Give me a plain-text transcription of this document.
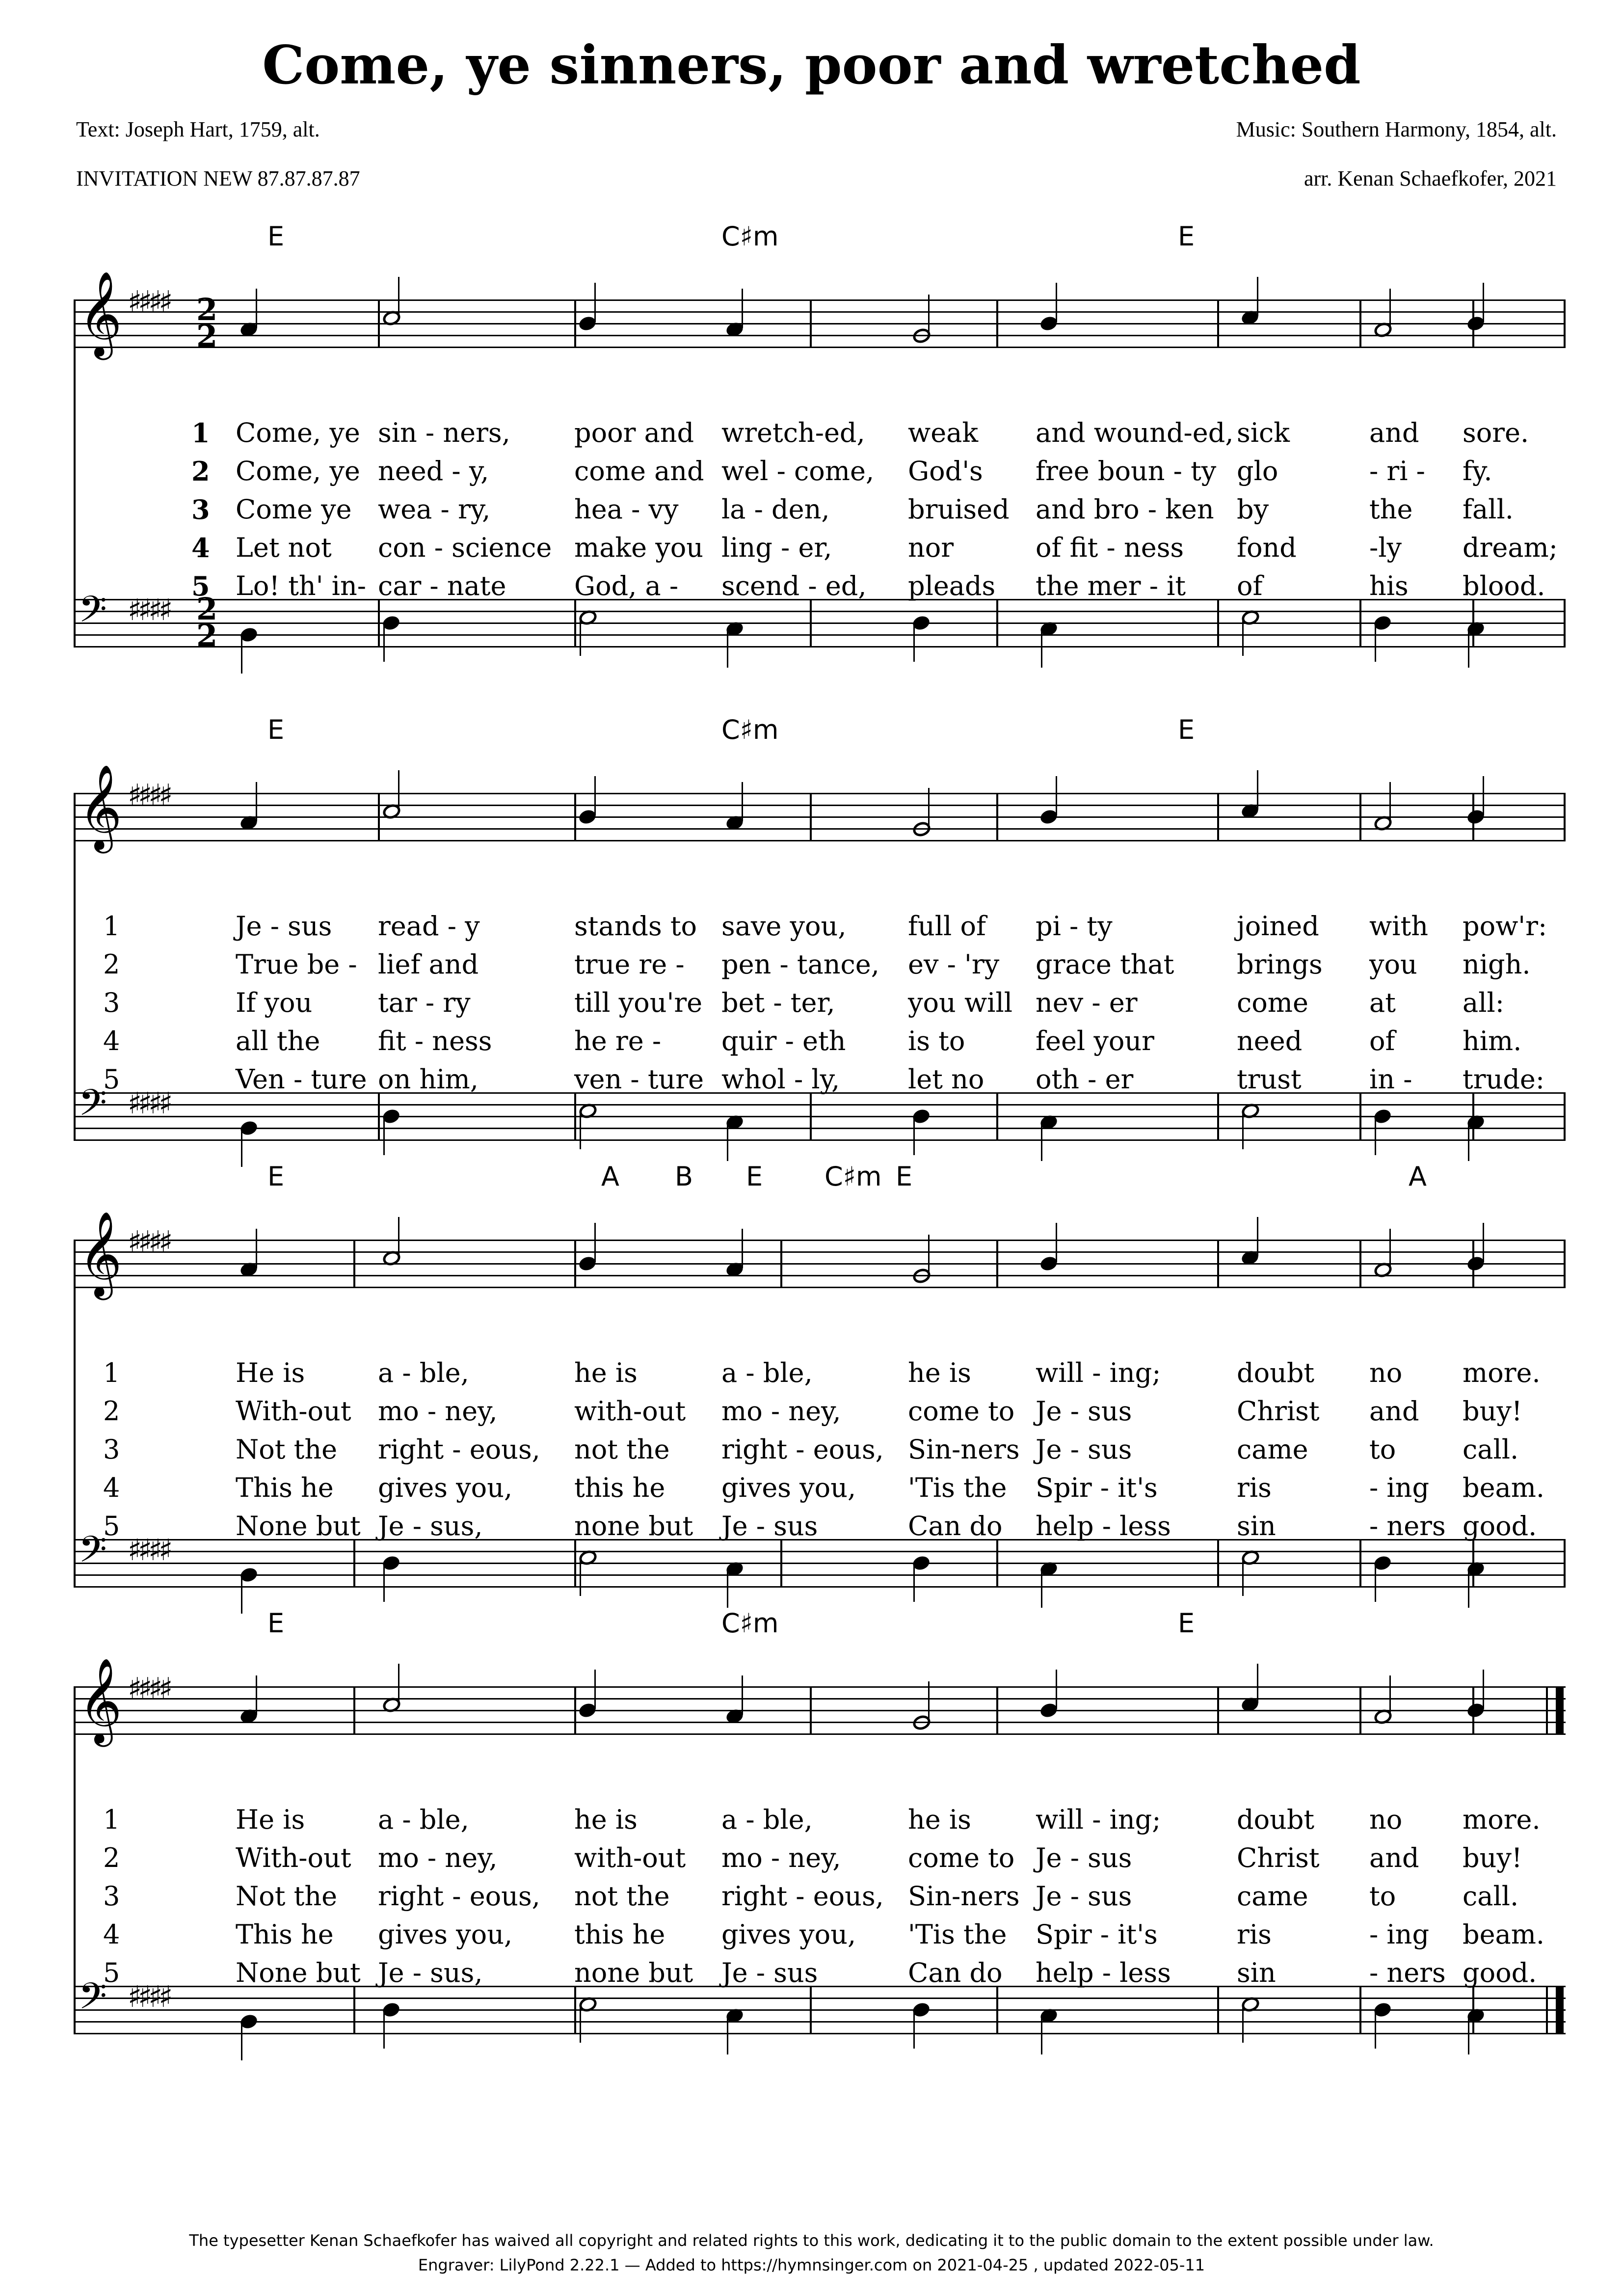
Come, ye sinners, poor and wretched
Text: Joseph Hart, 1759, alt.	Music: Southern Harmony, 1854, alt.
INVITATION NEW 87.87.87.87	arr. Kenan Schaefkofer, 2021
𝄞 ♯♯♯♯
𝄢 ♯♯♯♯
2
2
2
2
E	C♯m	E
1 Come, ye sin - ners, poor and wretch-ed, weak and wound-ed, sick	and sore.
2 Come, ye need - y,	come and wel - come, God's free boun - ty glo	- ri - fy.
3 Come ye wea - ry,	hea - vy la - den,	bruised and bro - ken by	the fall.
4 Let not con - science make you ling - er,	nor	of fit - ness fond	-ly dream;
5 Lo! th' in- car - nate	God, a - scend - ed, pleads the mer - it of	his blood.
𝄞 ♯♯♯♯
𝄢 ♯♯♯♯
E	C♯m	E
1	Je - sus read - y	stands to save you, full of pi - ty	joined with pow'r:
2	True be - lief and	true re - pen - tance, ev - 'ry grace that brings you nigh.
3	If you tar - ry	till you're bet - ter,	you will nev - er	come at	all:
4	all the fit - ness	he re - quir - eth is to	feel your	need	of	him.
5	Ven - ture on him,	ven - ture whol - ly,	let no oth - er	trust	in - trude:
𝄞 ♯♯♯♯
𝄢 ♯♯♯♯
E	A B E C♯m E	A
1	He is	a - ble,	he is	a - ble,	he is will - ing;	doubt no more.
2	With-out mo - ney,	with-out mo - ney,	come to Je - sus	Christ and buy!
3	Not the right - eous, not the right - eous, Sin-ners Je - sus	came to	call.
4	This he gives you, this he gives you, 'Tis the Spir - it's	ris	- ing beam.
5	None but Je - sus,	none but Je - sus	Can do help - less sin	- ners good.
𝄞 ♯♯♯♯
𝄢 ♯♯♯♯
E	C♯m	E
1	He is	a - ble,	he is	a - ble,	he is will - ing;	doubt no more.
2	With-out mo - ney,	with-out mo - ney,	come to Je - sus	Christ and buy!
3	Not the right - eous, not the right - eous, Sin-ners Je - sus	came to	call.
4	This he gives you, this he gives you, 'Tis the Spir - it's	ris	- ing beam.
5	None but Je - sus,	none but Je - sus	Can do help - less sin	- ners good.
The typesetter Kenan Schaefkofer has waived all copyright and related rights to this work, dedicating it to the public domain to the extent possible under law.
Engraver: LilyPond 2.22.1 — Added to https://hymnsinger.com on 2021-04-25 , updated 2022-05-11
